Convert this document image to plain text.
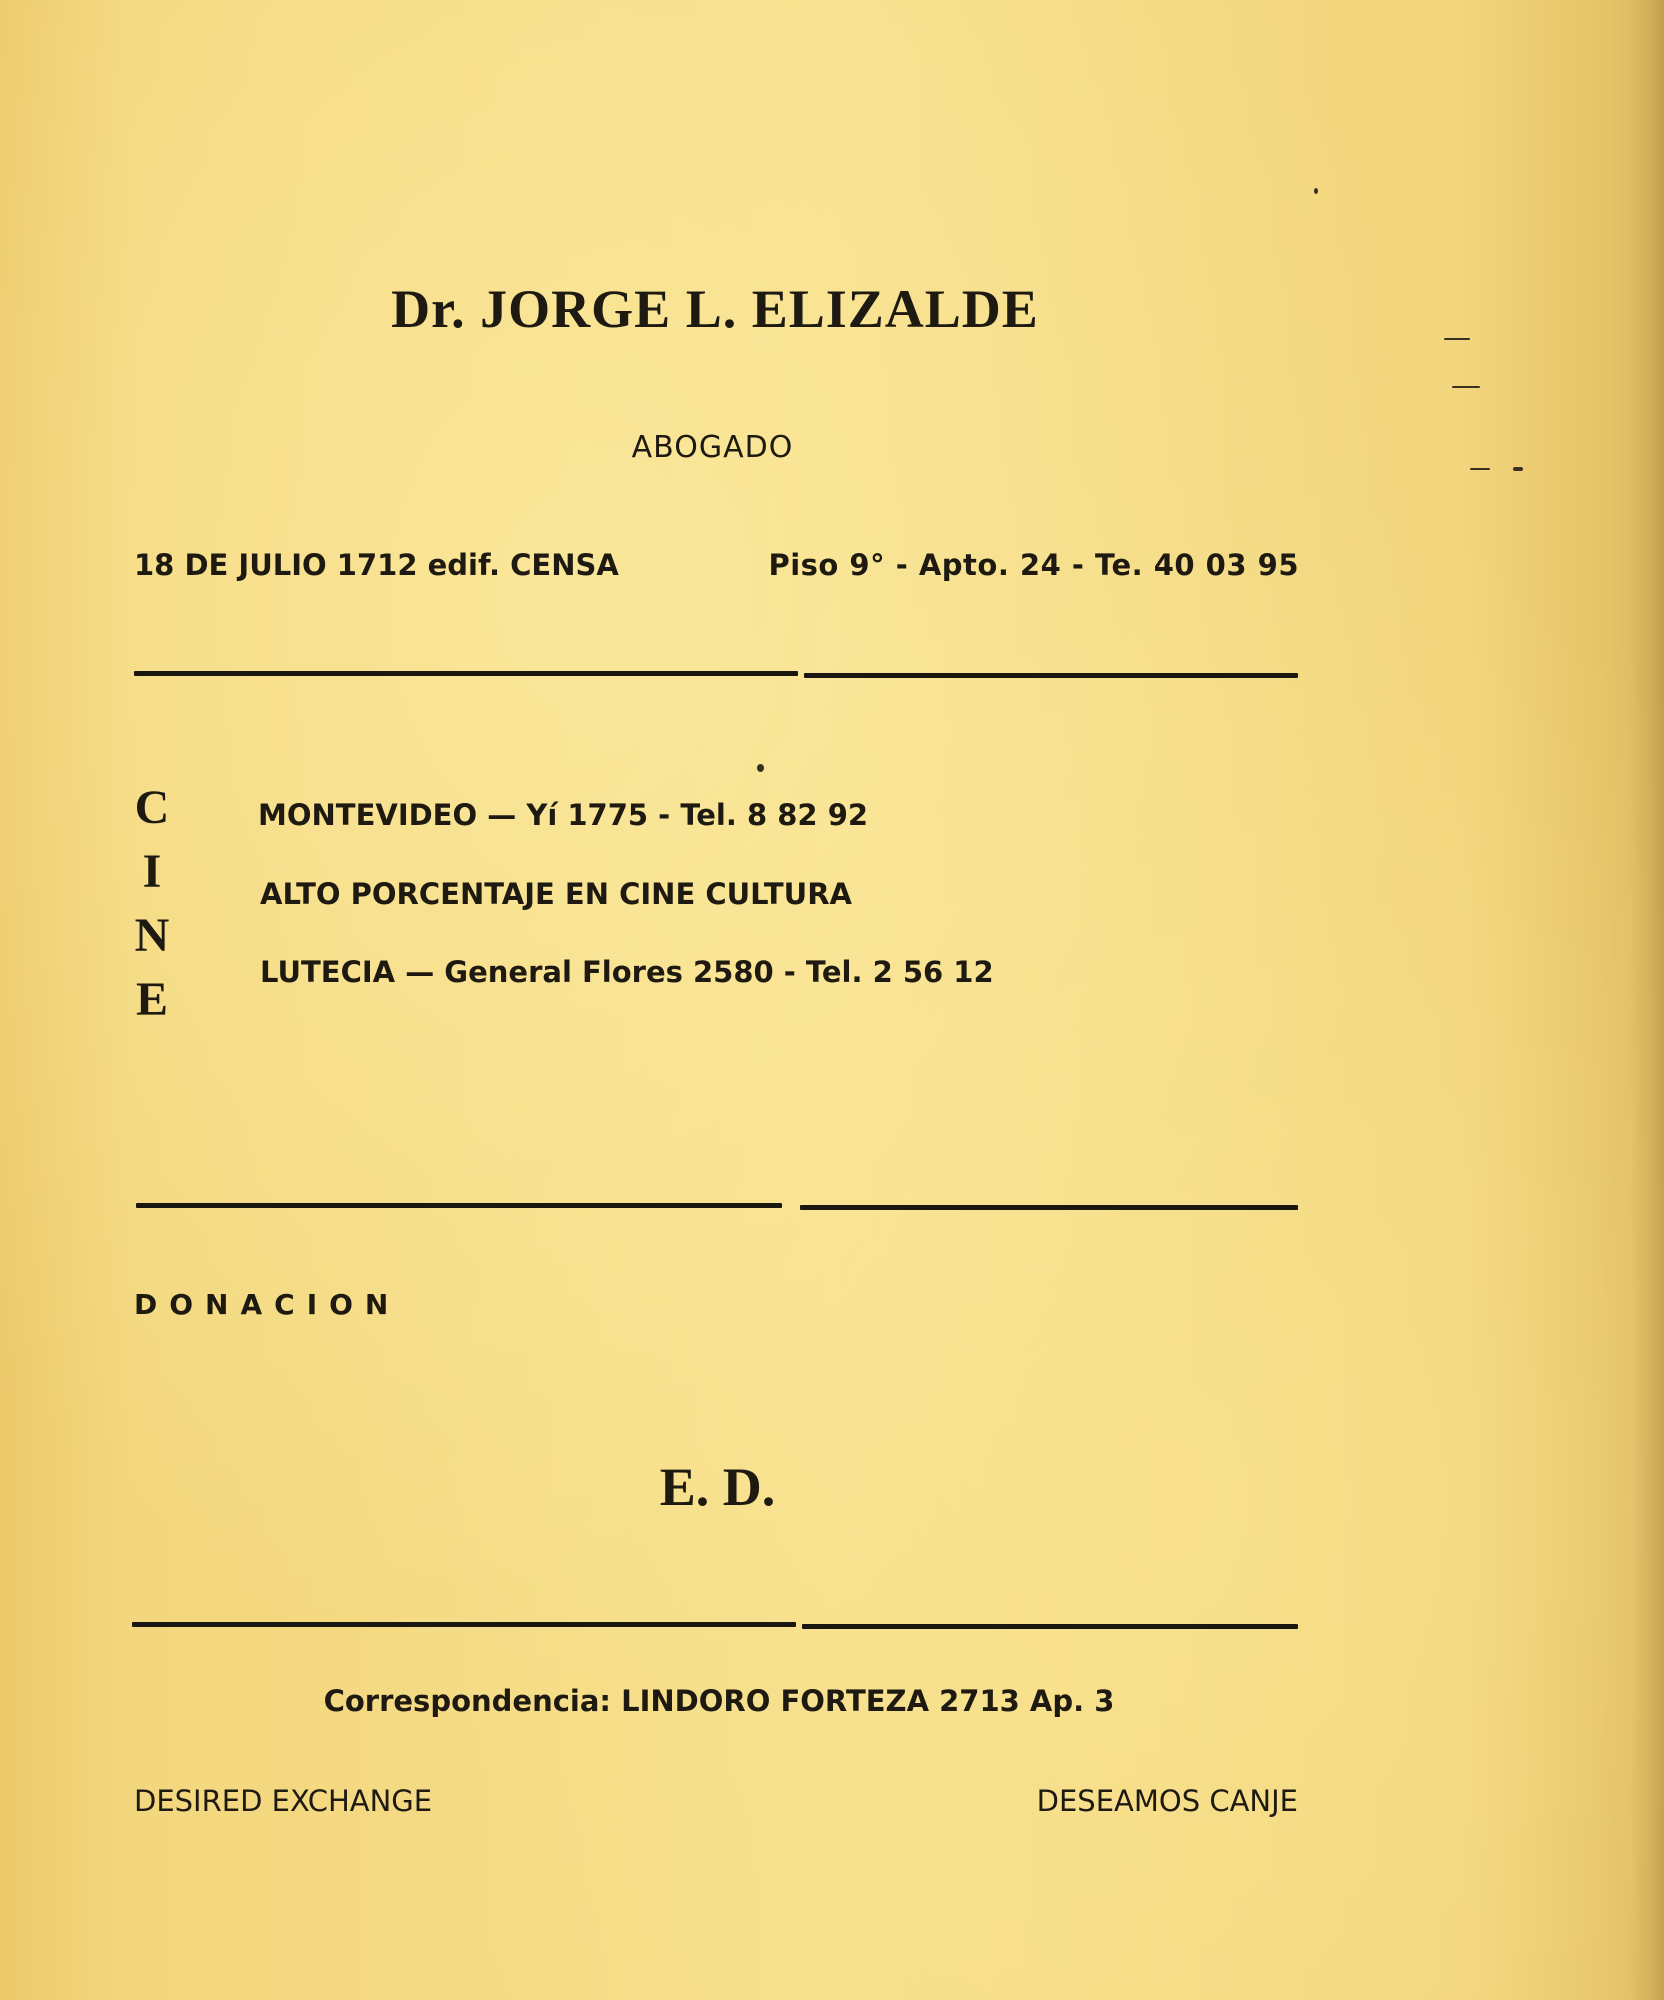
Dr. JORGE L. ELIZALDE
ABOGADO
18 DE JULIO 1712 edif. CENSA	Piso 9° - Apto. 24 - Te. 40 03 95
C
I
N
E
MONTEVIDEO — Yí 1775 - Tel. 8 82 92
ALTO PORCENTAJE EN CINE CULTURA
LUTECIA — General Flores 2580 - Tel. 2 56 12
DONACION
E. D.
Correspondencia: LINDORO FORTEZA 2713 Ap. 3
DESIRED EXCHANGE	DESEAMOS CANJE
